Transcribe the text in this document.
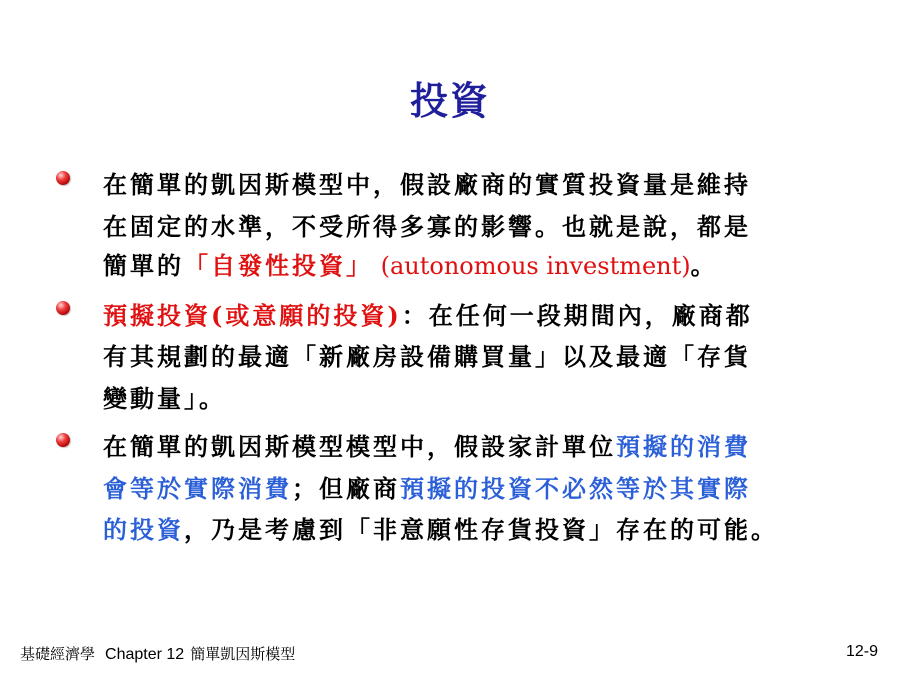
投資
在簡單的凱因斯模型中，假設廠商的實質投資量是維持
在固定的水準，不受所得多寡的影響。也就是說，都是
簡單的「自發性投資」 (autonomous investment)。
預擬投資(或意願的投資)：在任何一段期間內，廠商都
有其規劃的最適「新廠房設備購買量」以及最適「存貨
變動量」。
在簡單的凱因斯模型模型中，假設家計單位預擬的消費
會等於實際消費；但廠商預擬的投資不必然等於其實際
的投資，乃是考慮到「非意願性存貨投資」存在的可能。
基礎經濟學 Chapter 12 簡單凱因斯模型	12-9
